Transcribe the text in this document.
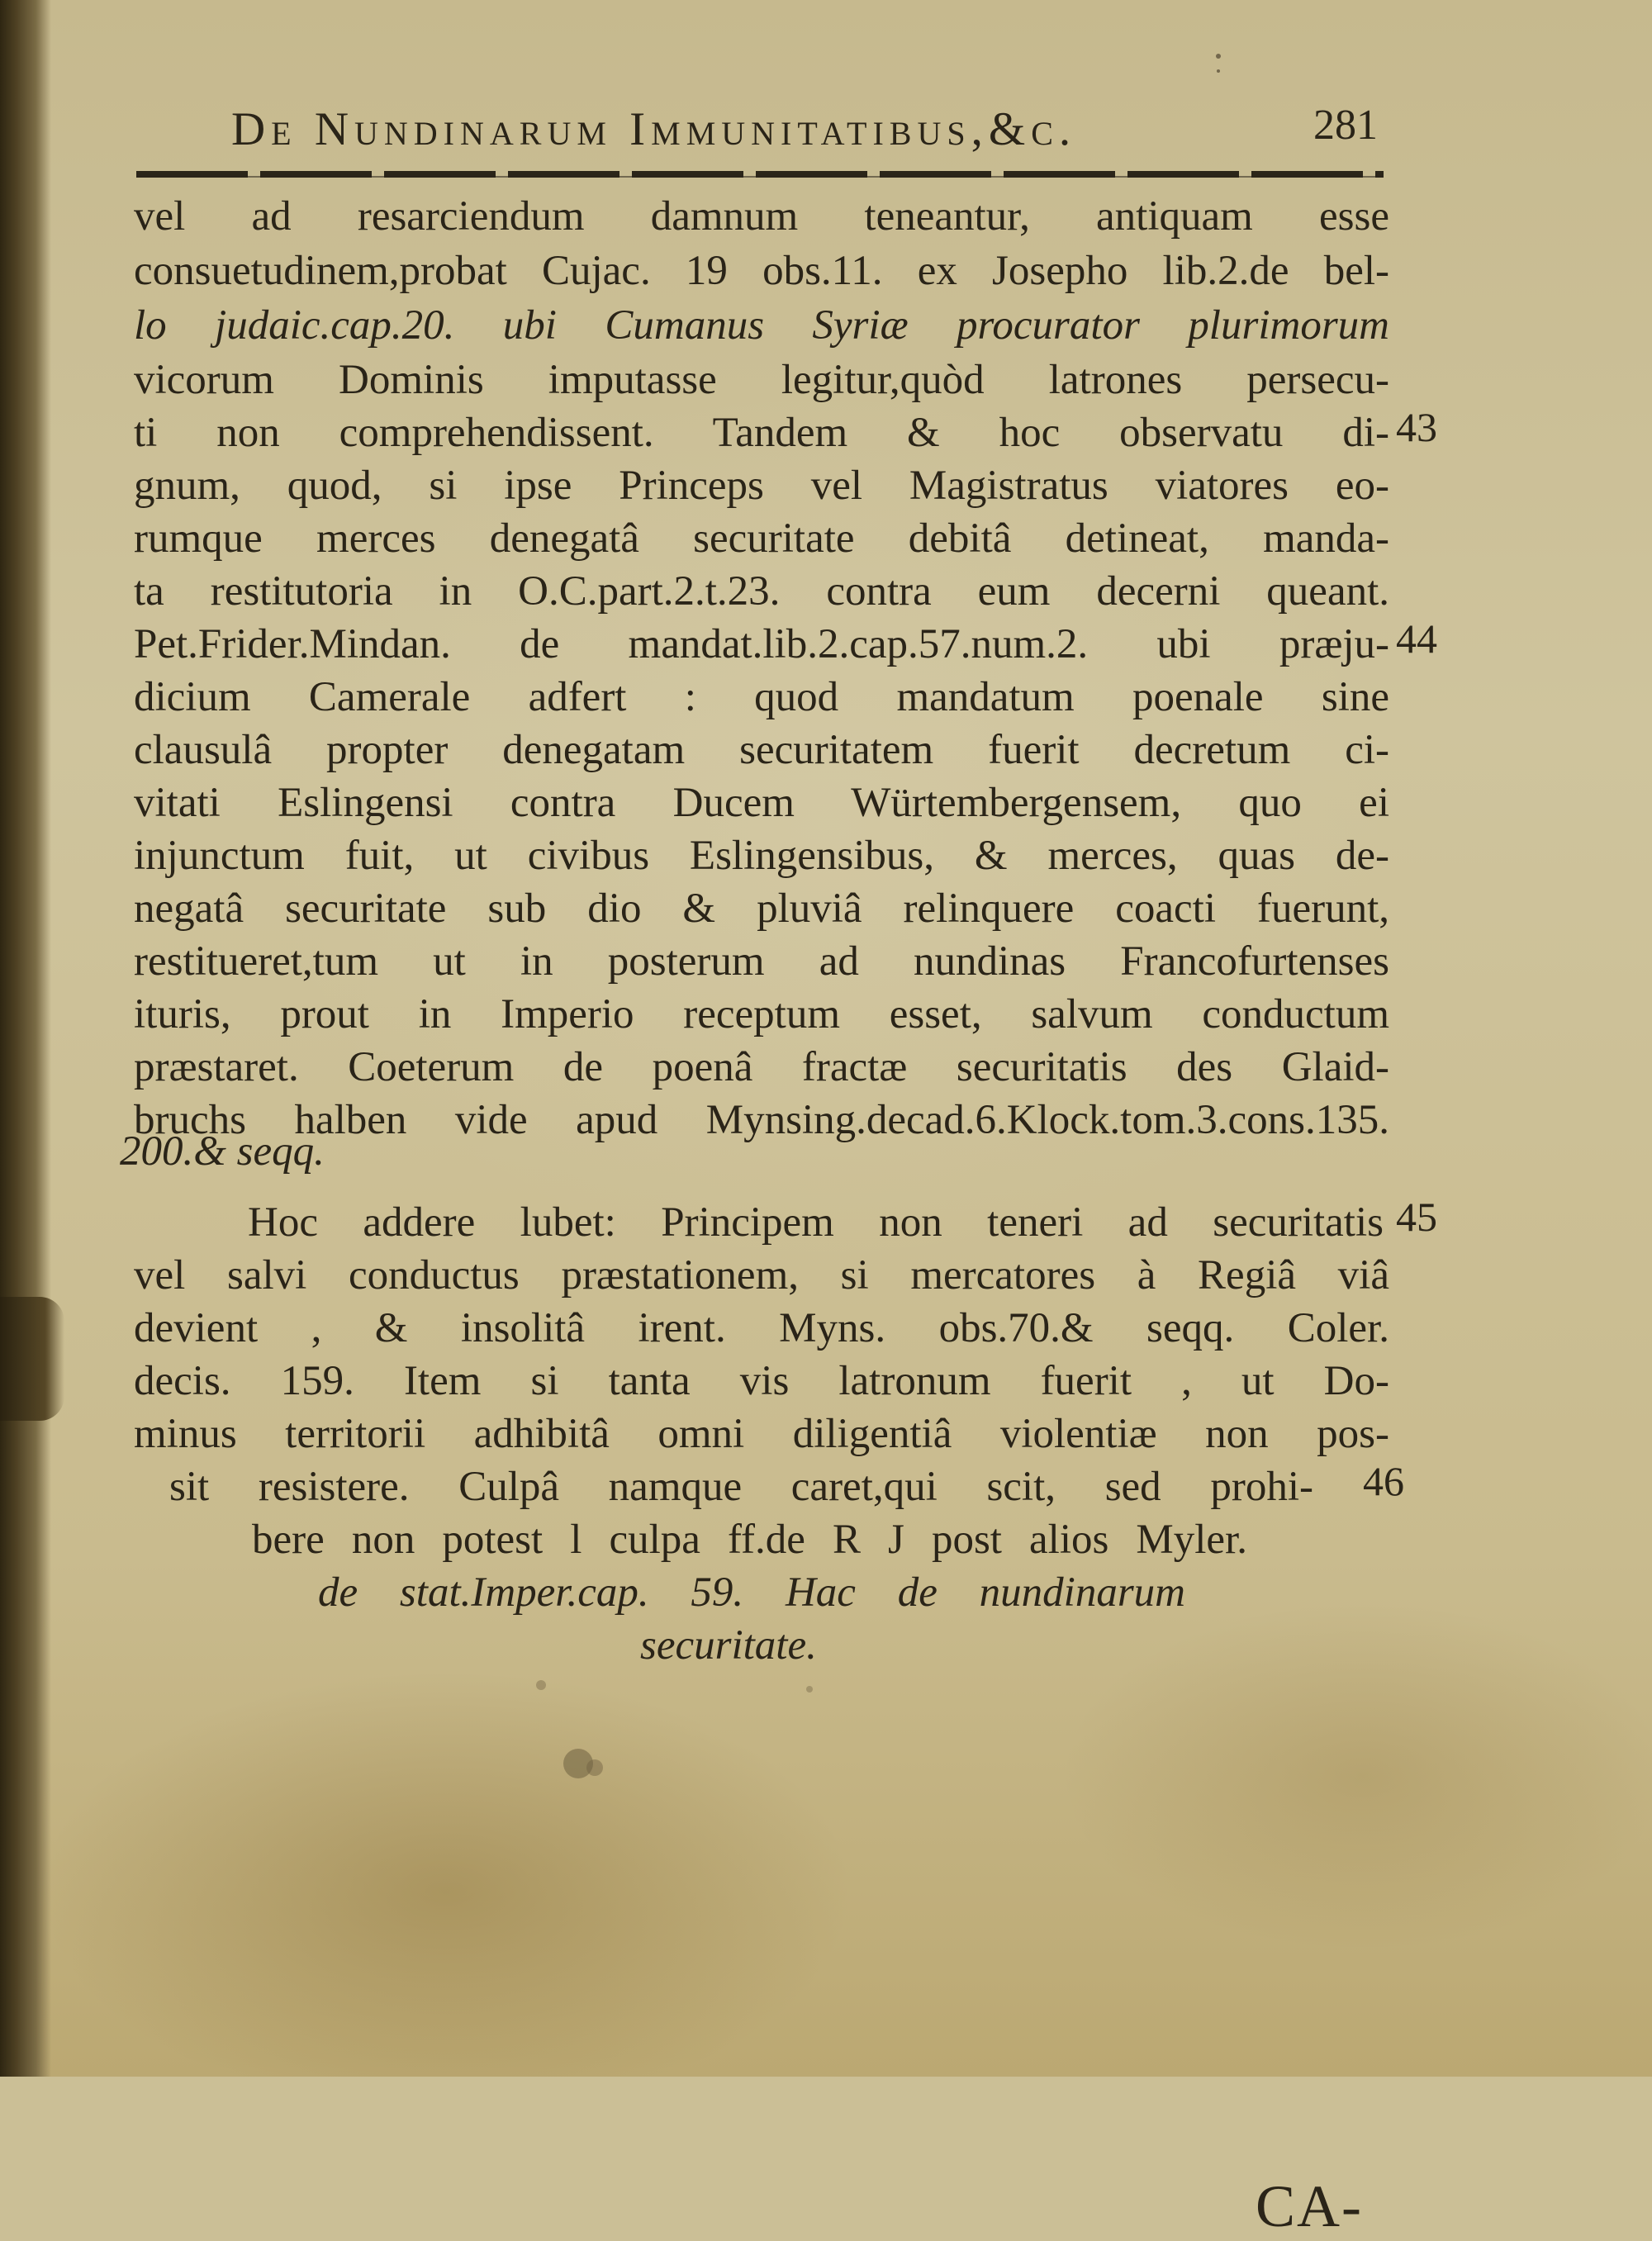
De Nundinarum Immunitatibus,&c.	281

vel ad resarciendum damnum teneantur, antiquam esse

consuetudinem,probat Cujac. 19 obs.11. ex Josepho lib.2.de bel-

lo judaic.cap.20. ubi Cumanus Syriæ procurator plurimorum

vicorum Dominis imputasse legitur,quòd latrones persecu-

ti non comprehendissent. Tandem & hoc observatu di-

gnum, quod, si ipse Princeps vel Magistratus viatores eo-

rumque merces denegatâ securitate debitâ detineat, manda-

ta restitutoria in O.C.part.2.t.23. contra eum decerni queant.

Pet.Frider.Mindan. de mandat.lib.2.cap.57.num.2. ubi præju-

dicium Camerale adfert : quod mandatum poenale sine

clausulâ propter denegatam securitatem fuerit decretum ci-

vitati Eslingensi contra Ducem Würtembergensem, quo ei

injunctum fuit, ut civibus Eslingensibus, & merces, quas de-

negatâ securitate sub dio & pluviâ relinquere coacti fuerunt,

restitueret,tum ut in posterum ad nundinas Francofurtenses

ituris, prout in Imperio receptum esset, salvum conductum

præstaret. Coeterum de poenâ fractæ securitatis des Glaid-

bruchs halben vide apud Mynsing.decad.6.Klock.tom.3.cons.135.

200.& seqq.

Hoc addere lubet: Principem non teneri ad securitatis

vel salvi conductus præstationem, si mercatores à Regiâ viâ

devient , & insolitâ irent. Myns. obs.70.& seqq. Coler.

decis. 159. Item si tanta vis latronum fuerit , ut Do-

minus territorii adhibitâ omni diligentiâ violentiæ non pos-

sit resistere. Culpâ namque caret,qui scit, sed prohi-

bere non potest l culpa ff.de R J post alios Myler.

de stat.Imper.cap. 59. Hac de nundinarum

securitate.

43
44
45
46
CA-
